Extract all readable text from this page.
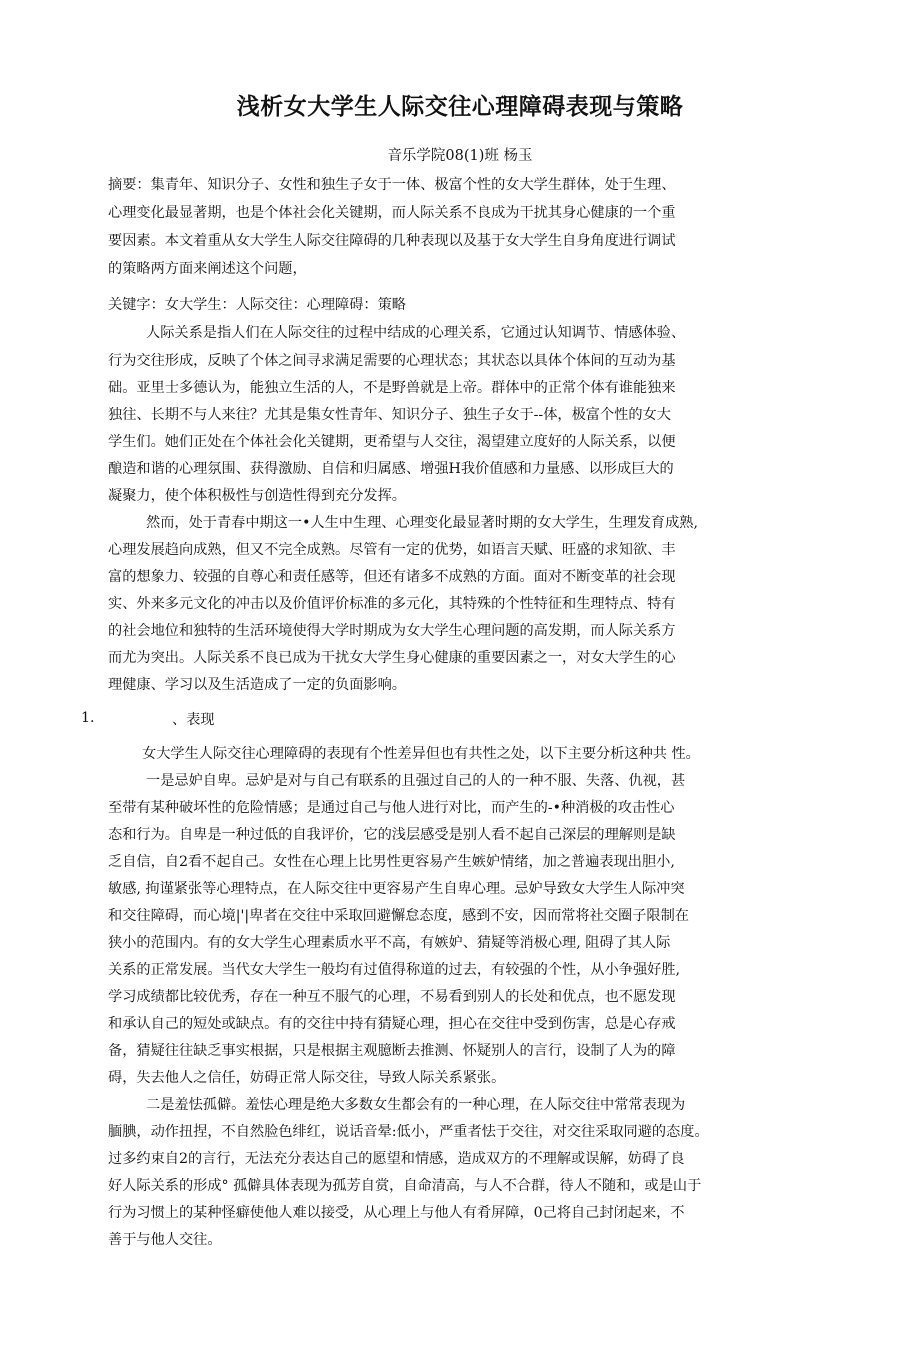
浅析女大学生人际交往心理障碍表现与策略
音乐学院08(1)班 杨玉
摘要：集青年、知识分子、女性和独生子女于一体、极富个性的女大学生群体，处于生理、
心理变化最显著期，也是个体社会化关键期，而人际关系不良成为干扰其身心健康的一个重
要因素。本文着重从女大学生人际交往障碍的几种表现以及基于女大学生自身角度进行调试
的策略两方面来阐述这个问题，
关键字：女大学生：人际交往：心理障碍：策略
人际关系是指人们在人际交往的过程中结成的心理关系，它通过认知调节、情感体验、
行为交往形成，反映了个体之间寻求满足需要的心理状态；其状态以具体个体间的互动为基
础。亚里士多德认为，能独立生活的人，不是野兽就是上帝。群体中的正常个体有谁能独来
独往、长期不与人来往？尤其是集女性青年、知识分子、独生子女于--体，极富个性的女大
学生们。她们正处在个体社会化关键期，更希望与人交往，渴望建立度好的人际关系，以便
酿造和谐的心理氛围、获得激励、自信和归属感、增强H我价值感和力量感、以形成巨大的
凝聚力，使个体积极性与创造性得到充分发挥。
然而，处于青春中期这一•人生中生理、心理变化最显著时期的女大学生，生理发育成熟,
心理发展趋向成熟，但又不完全成熟。尽管有一定的优势，如语言天赋、旺盛的求知欲、丰
富的想象力、较强的自尊心和责任感等，但还有诸多不成熟的方面。面对不断变革的社会现
实、外来多元文化的冲击以及价值评价标准的多元化，其特殊的个性特征和生理特点、特有
的社会地位和独特的生活环境使得大学时期成为女大学生心理问题的高发期，而人际关系方
而尤为突出。人际关系不良已成为干扰女大学生身心健康的重要因素之一，对女大学生的心
理健康、学习以及生活造成了一定的负面影响。
1.	、表现
女大学生人际交往心理障碍的表现有个性差异但也有共性之处，以下主要分析这种共 性。
一是忌妒自卑。忌妒是对与自己有联系的且强过自己的人的一种不服、失落、仇视，甚
至带有某种破坏性的危险情感；是通过自己与他人进行对比，而产生的-•种消极的攻击性心
态和行为。自卑是一种过低的自我评价，它的浅层感受是别人看不起自己深层的理解则是缺
乏自信，自2看不起自己。女性在心理上比男性更容易产生嫉妒情绪，加之普遍表现出胆小,
敏感, 拘谨紧张等心理特点，在人际交往中更容易产生自卑心理。忌妒导致女大学生人际冲突
和交往障碍，而心境|'|卑者在交往中采取回避懈怠态度，感到不安，因而常将社交圈子限制在
狭小的范围内。有的女大学生心理素质水平不高，有嫉妒、猜疑等消极心理, 阻碍了其人际
关系的正常发展。当代女大学生一般均有过值得称道的过去，有较强的个性，从小争强好胜,
学习成绩都比较优秀，存在一种互不服气的心理，不易看到别人的长处和优点，也不愿发现
和承认自己的短处或缺点。有的交往中持有猜疑心理，担心在交往中受到伤害，总是心存戒
备，猜疑往往缺乏事实根据，只是根据主观臆断去推测、怀疑别人的言行，设制了人为的障
碍，失去他人之信任，妨碍正常人际交往，导致人际关系紧张。
二是羞怯孤僻。羞怯心理是绝大多数女生都会有的一种心理，在人际交往中常常表现为
腼腆，动作扭捏，不自然脸色绯红，说话音晕:低小，严重者怯于交往，对交往采取同避的态度。
过多约束自2的言行，无法充分表达自己的愿望和情感，造成双方的不理解或误解，妨碍了良
好人际关系的形成° 孤僻具体表现为孤芳自赏，自命清高，与人不合群，待人不随和，或是山于
行为习惯上的某种怪癖使他人难以接受，从心理上与他人有肴屏障，0己将自己封闭起来，不
善于与他人交往。
